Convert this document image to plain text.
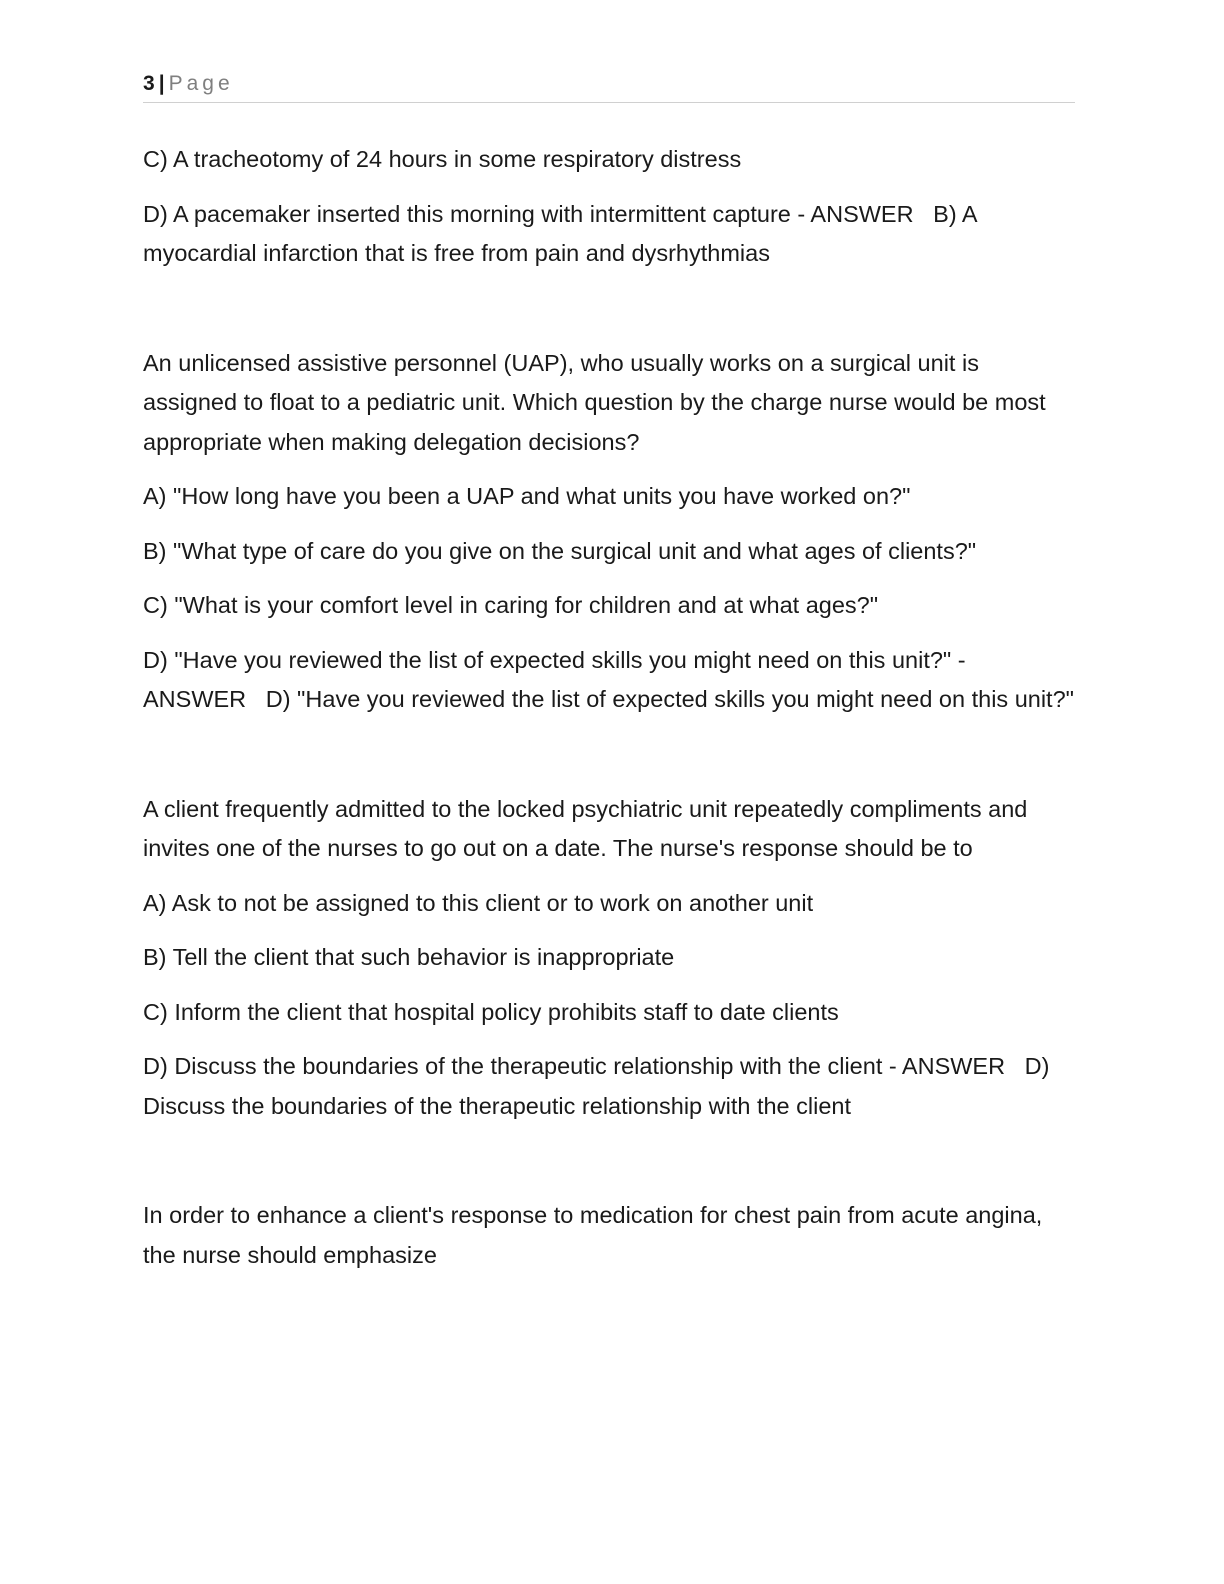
3 | Page

C) A tracheotomy of 24 hours in some respiratory distress

D) A pacemaker inserted this morning with intermittent capture - ANSWER   B) A myocardial infarction that is free from pain and dysrhythmias

An unlicensed assistive personnel (UAP), who usually works on a surgical unit is assigned to float to a pediatric unit. Which question by the charge nurse would be most appropriate when making delegation decisions?

A) "How long have you been a UAP and what units you have worked on?"

B) "What type of care do you give on the surgical unit and what ages of clients?"

C) "What is your comfort level in caring for children and at what ages?"

D) "Have you reviewed the list of expected skills you might need on this unit?" - ANSWER   D) "Have you reviewed the list of expected skills you might need on this unit?"

A client frequently admitted to the locked psychiatric unit repeatedly compliments and invites one of the nurses to go out on a date. The nurse's response should be to

A) Ask to not be assigned to this client or to work on another unit

B) Tell the client that such behavior is inappropriate

C) Inform the client that hospital policy prohibits staff to date clients

D) Discuss the boundaries of the therapeutic relationship with the client - ANSWER   D) Discuss the boundaries of the therapeutic relationship with the client

In order to enhance a client's response to medication for chest pain from acute angina, the nurse should emphasize
